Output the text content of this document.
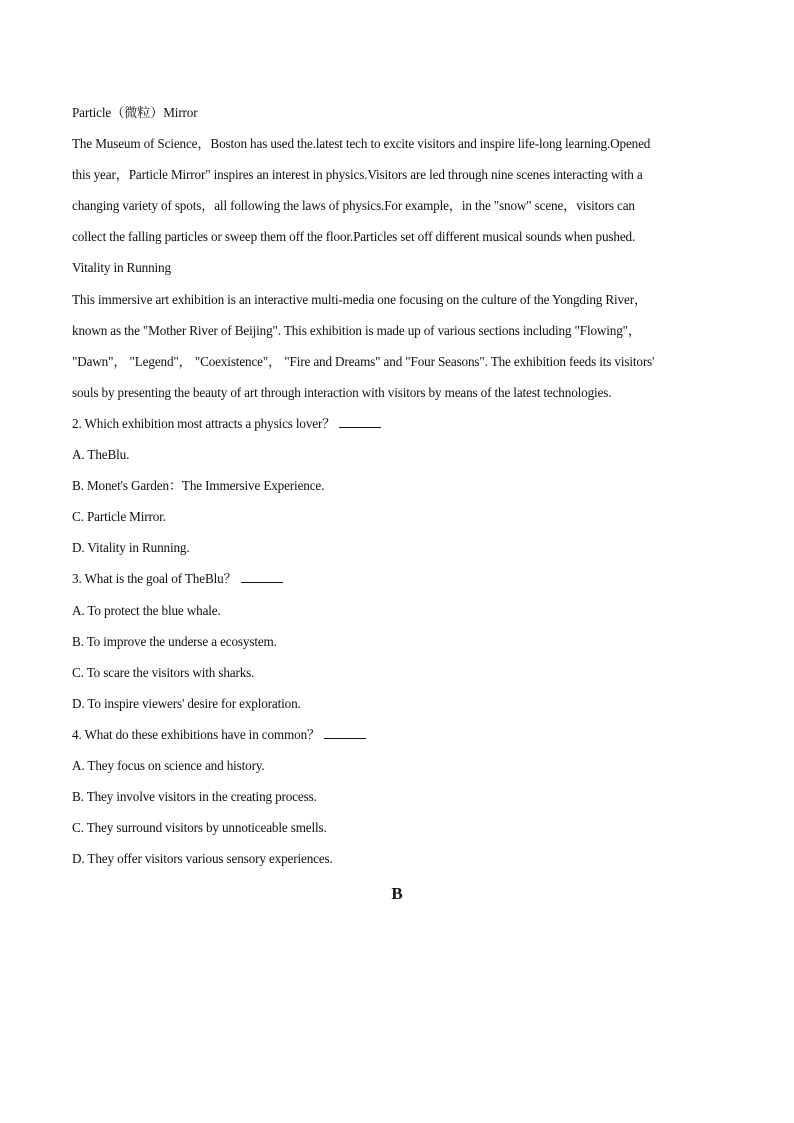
Particle（微粒）Mirror
The Museum of Science，Boston has used the.latest tech to excite visitors and inspire life-long learning.Opened
this year，Particle Mirror" inspires an interest in physics.Visitors are led through nine scenes interacting with a
changing variety of spots，all following the laws of physics.For example，in the "snow" scene，visitors can
collect the falling particles or sweep them off the floor.Particles set off different musical sounds when pushed.
Vitality in Running
This immersive art exhibition is an interactive multi-media one focusing on the culture of the Yongding River，
known as the "Mother River of Beijing". This exhibition is made up of various sections including "Flowing"，
"Dawn"， "Legend"， "Coexistence"， "Fire and Dreams" and "Four Seasons". The exhibition feeds its visitors'
souls by presenting the beauty of art through interaction with visitors by means of the latest technologies.
2. Which exhibition most attracts a physics lover？
A. TheBlu.
B. Monet's Garden：The Immersive Experience.
C. Particle Mirror.
D. Vitality in Running.
3. What is the goal of TheBlu？
A. To protect the blue whale.
B. To improve the underse a ecosystem.
C. To scare the visitors with sharks.
D. To inspire viewers' desire for exploration.
4. What do these exhibitions have in common？
A. They focus on science and history.
B. They involve visitors in the creating process.
C. They surround visitors by unnoticeable smells.
D. They offer visitors various sensory experiences.
B
